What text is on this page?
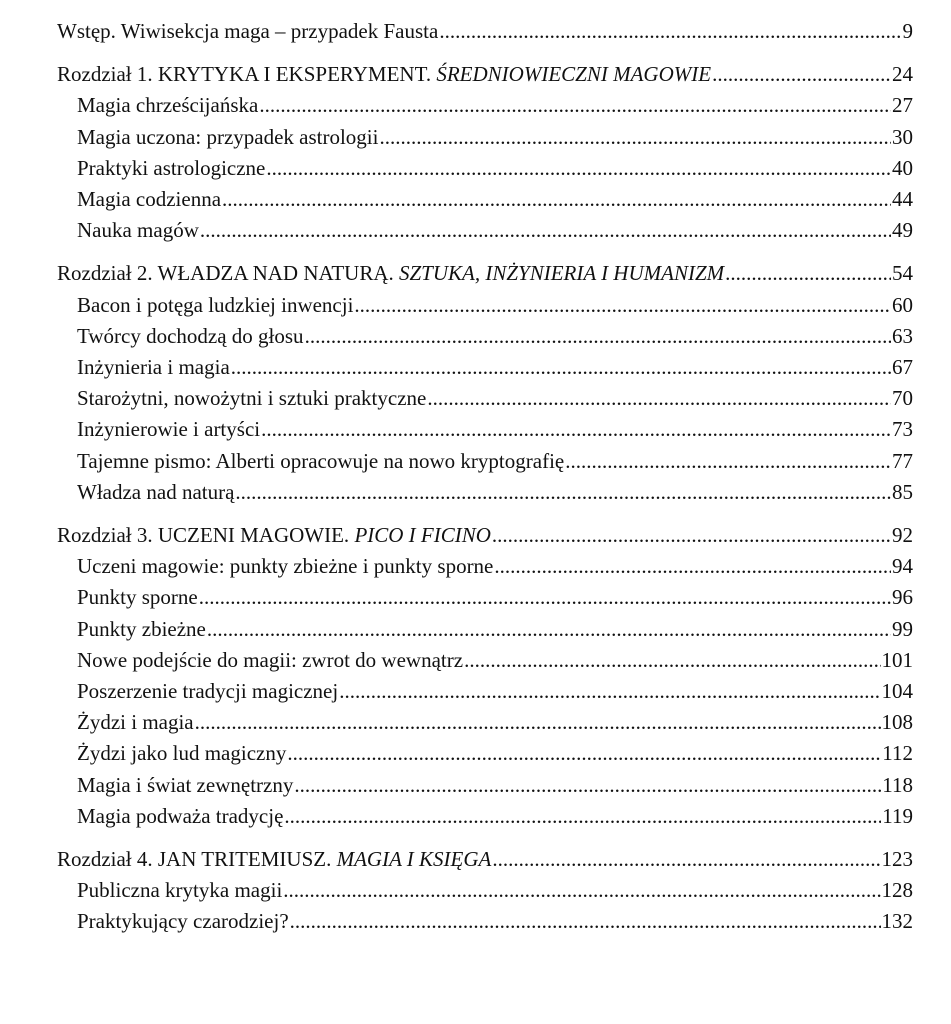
Wstęp. Wiwisekcja maga – przypadek Fausta .....	9
Rozdział 1. KRYTYKA I EKSPERYMENT. ŚREDNIOWIECZNI MAGOWIE .....	24
Magia chrześcijańska .....	27
Magia uczona: przypadek astrologii .....	30
Praktyki astrologiczne .....	40
Magia codzienna .....	44
Nauka magów .....	49
Rozdział 2. WŁADZA NAD NATURĄ. SZTUKA, INŻYNIERIA I HUMANIZM .....	54
Bacon i potęga ludzkiej inwencji .....	60
Twórcy dochodzą do głosu .....	63
Inżynieria i magia .....	67
Starożytni, nowożytni i sztuki praktyczne .....	70
Inżynierowie i artyści .....	73
Tajemne pismo: Alberti opracowuje na nowo kryptografię .....	77
Władza nad naturą .....	85
Rozdział 3. UCZENI MAGOWIE. PICO I FICINO .....	92
Uczeni magowie: punkty zbieżne i punkty sporne .....	94
Punkty sporne .....	96
Punkty zbieżne .....	99
Nowe podejście do magii: zwrot do wewnątrz .....	101
Poszerzenie tradycji magicznej .....	104
Żydzi i magia .....	108
Żydzi jako lud magiczny .....	112
Magia i świat zewnętrzny .....	118
Magia podważa tradycję .....	119
Rozdział 4. JAN TRITEMIUSZ. MAGIA I KSIĘGA .....	123
Publiczna krytyka magii .....	128
Praktykujący czarodziej? .....	132
